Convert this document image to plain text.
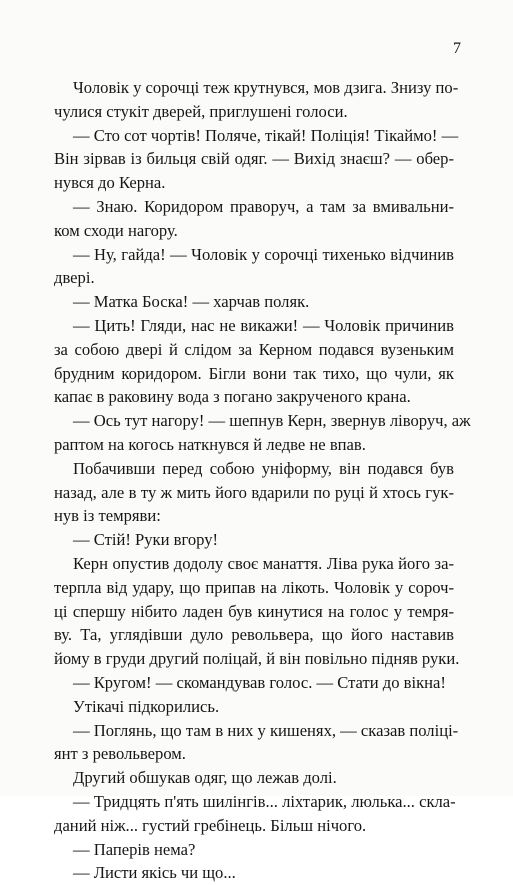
7
Чоловік у сорочці теж крутнувся, мов дзига. Знизу по-
чулися стукіт дверей, приглушені голоси.
— Сто сот чортів! Поляче, тікай! Поліція! Тікаймо! —
Він зірвав із бильця свій одяг. — Вихід знаєш? — обер-
нувся до Керна.
— Знаю. Коридором праворуч, а там за вмивальни-
ком сходи нагору.
— Ну, гайда! — Чоловік у сорочці тихенько відчинив
двері.
— Матка Боска! — харчав поляк.
— Цить! Гляди, нас не викажи! — Чоловік причинив
за собою двері й слідом за Керном подався вузеньким
брудним коридором. Бігли вони так тихо, що чули, як
капає в раковину вода з погано закрученого крана.
— Ось тут нагору! — шепнув Керн, звернув ліворуч, аж
раптом на когось наткнувся й ледве не впав.
Побачивши перед собою уніформу, він подався був
назад, але в ту ж мить його вдарили по руці й хтось гук-
нув із темряви:
— Стій! Руки вгору!
Керн опустив додолу своє манаття. Ліва рука його за-
терпла від удару, що припав на лікоть. Чоловік у сороч-
ці спершу нібито ладен був кинутися на голос у темря-
ву. Та, углядівши дуло револьвера, що його наставив
йому в груди другий поліцай, й він повільно підняв руки.
— Кругом! — скомандував голос. — Стати до вікна!
Утікачі підкорились.
— Поглянь, що там в них у кишенях, — сказав поліці-
янт з револьвером.
Другий обшукав одяг, що лежав долі.
— Тридцять п'ять шилінгів... ліхтарик, люлька... скла-
даний ніж... густий гребінець. Більш нічого.
— Паперів нема?
— Листи якісь чи що...
